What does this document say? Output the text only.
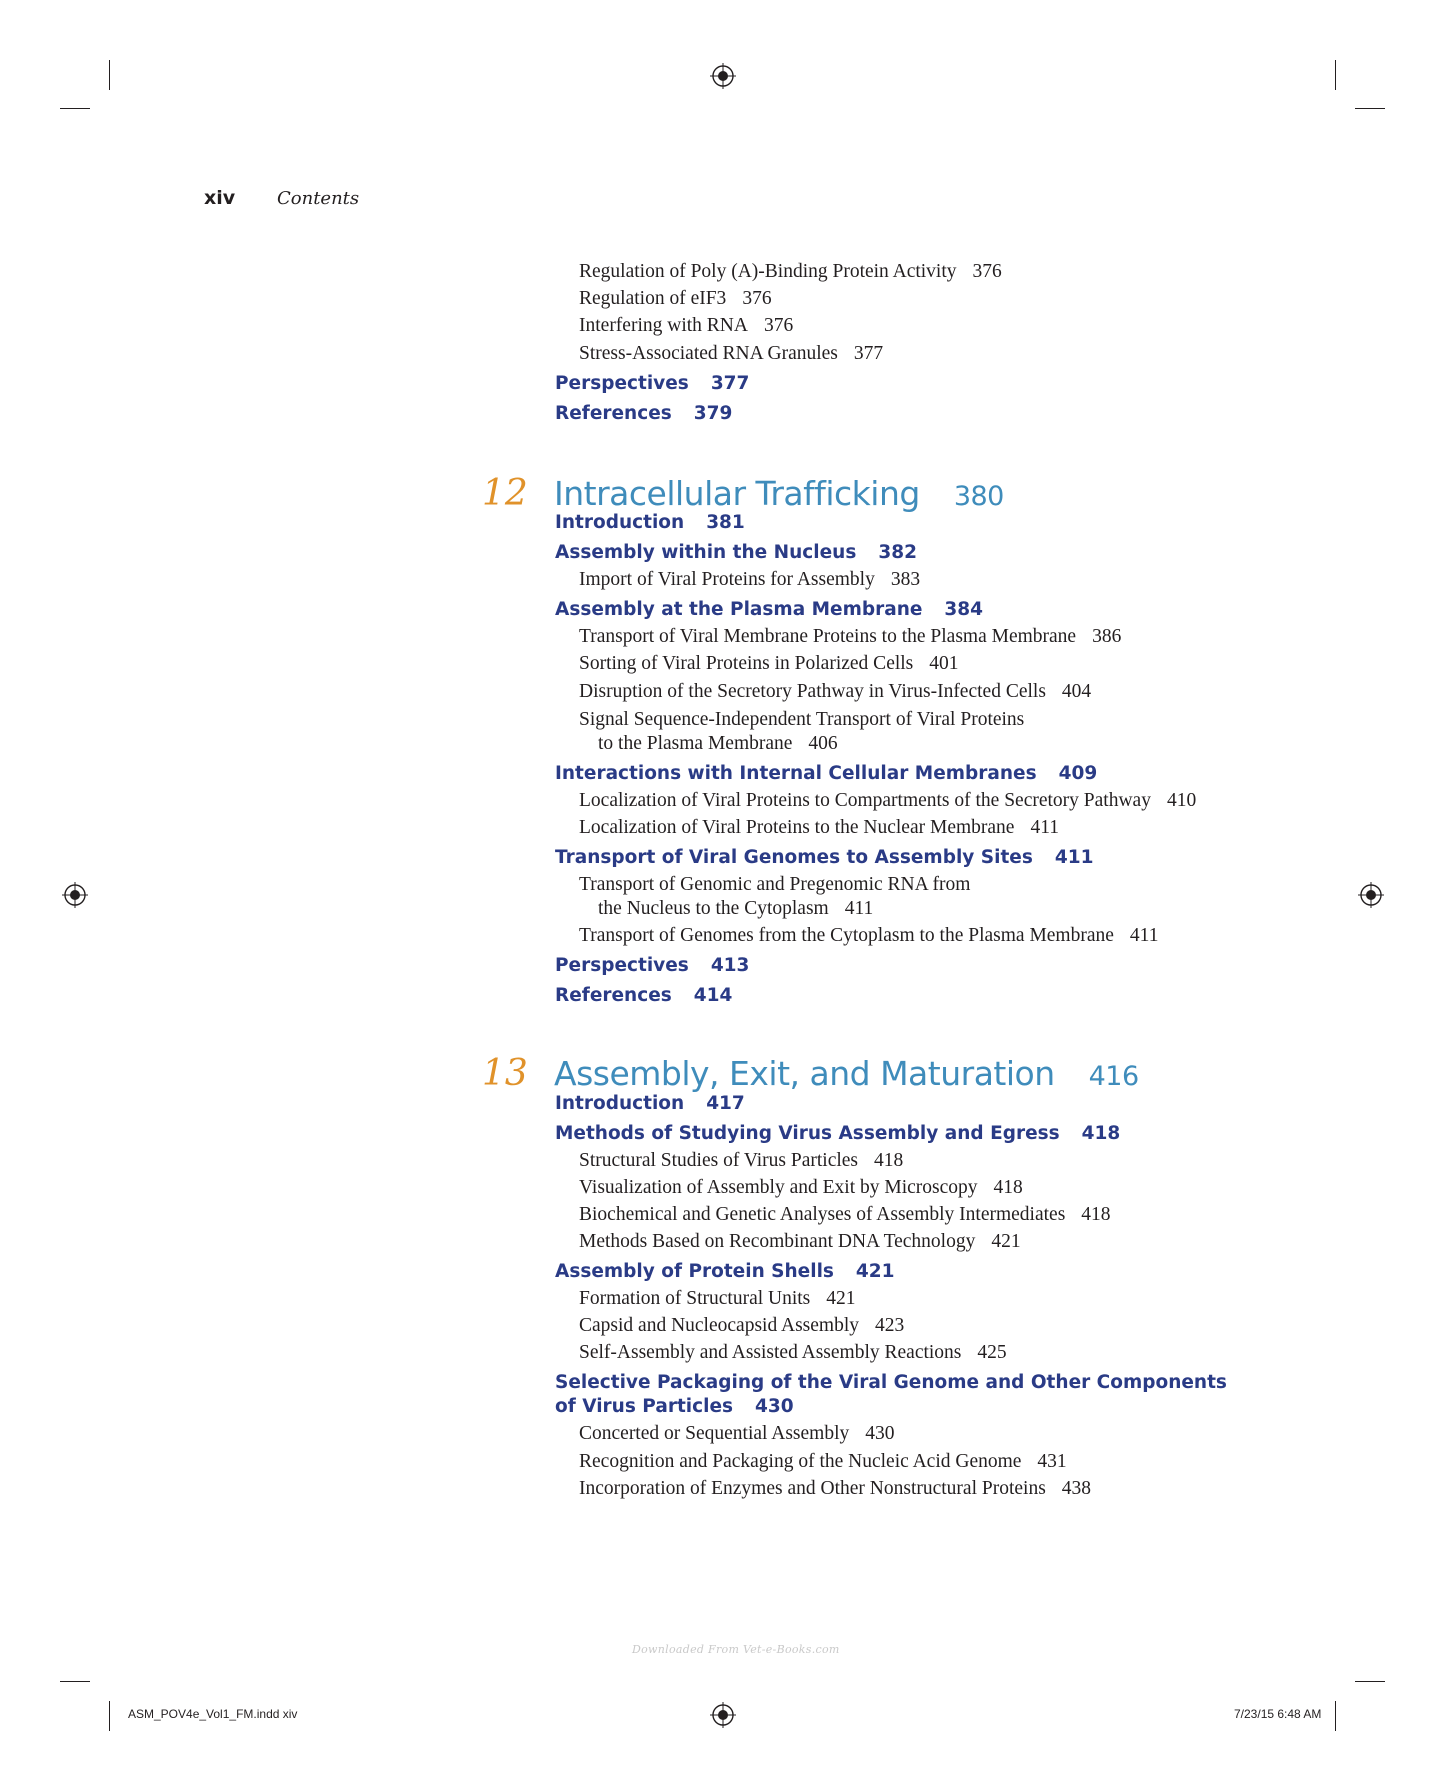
xiv Contents
Regulation of Poly (A)-Binding Protein Activity 376
Regulation of eIF3 376
Interfering with RNA 376
Stress-Associated RNA Granules 377
Perspectives 377
References 379
12 Intracellular Trafficking 380
Introduction 381
Assembly within the Nucleus 382
Import of Viral Proteins for Assembly 383
Assembly at the Plasma Membrane 384
Transport of Viral Membrane Proteins to the Plasma Membrane 386
Sorting of Viral Proteins in Polarized Cells 401
Disruption of the Secretory Pathway in Virus-Infected Cells 404
Signal Sequence-Independent Transport of Viral Proteins
to the Plasma Membrane 406
Interactions with Internal Cellular Membranes 409
Localization of Viral Proteins to Compartments of the Secretory Pathway 410
Localization of Viral Proteins to the Nuclear Membrane 411
Transport of Viral Genomes to Assembly Sites 411
Transport of Genomic and Pregenomic RNA from
the Nucleus to the Cytoplasm 411
Transport of Genomes from the Cytoplasm to the Plasma Membrane 411
Perspectives 413
References 414
13 Assembly, Exit, and Maturation 416
Introduction 417
Methods of Studying Virus Assembly and Egress 418
Structural Studies of Virus Particles 418
Visualization of Assembly and Exit by Microscopy 418
Biochemical and Genetic Analyses of Assembly Intermediates 418
Methods Based on Recombinant DNA Technology 421
Assembly of Protein Shells 421
Formation of Structural Units 421
Capsid and Nucleocapsid Assembly 423
Self-Assembly and Assisted Assembly Reactions 425
Selective Packaging of the Viral Genome and Other Components
of Virus Particles 430
Concerted or Sequential Assembly 430
Recognition and Packaging of the Nucleic Acid Genome 431
Incorporation of Enzymes and Other Nonstructural Proteins 438
Downloaded From Vet-e-Books.com
ASM_POV4e_Vol1_FM.indd xiv	7/23/15 6:48 AM
